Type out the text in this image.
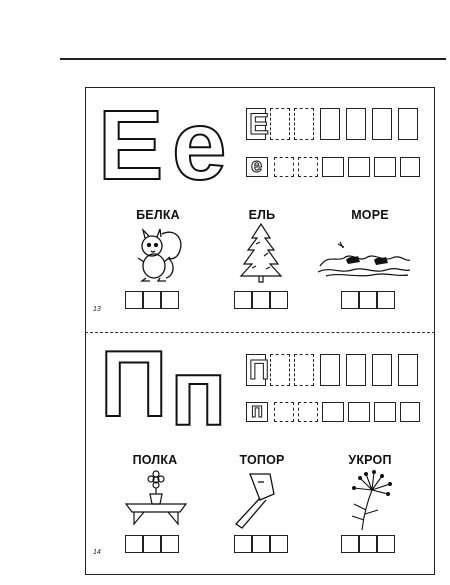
Е е Е
е
БЕЛКА	ЕЛЬ	МОРЕ
13
П п П
п
ПОЛКА	ТОПОР	УКРОП
14
